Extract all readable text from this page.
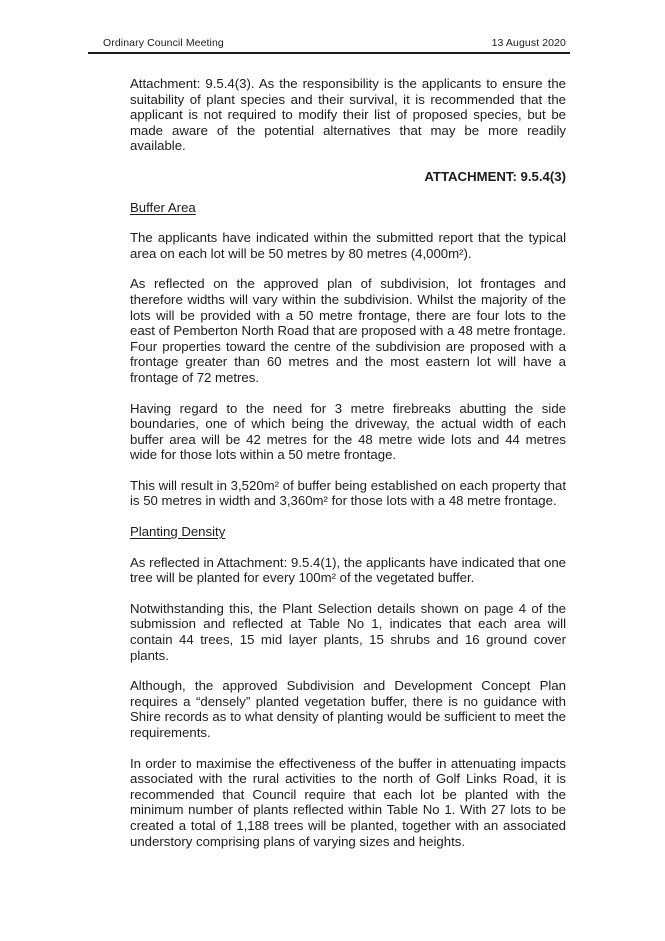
Ordinary Council Meeting	13 August 2020

Attachment: 9.5.4(3). As the responsibility is the applicants to ensure the suitability of plant species and their survival, it is recommended that the applicant is not required to modify their list of proposed species, but be made aware of the potential alternatives that may be more readily available.

ATTACHMENT: 9.5.4(3)

Buffer Area

The applicants have indicated within the submitted report that the typical area on each lot will be 50 metres by 80 metres (4,000m²).

As reflected on the approved plan of subdivision, lot frontages and therefore widths will vary within the subdivision. Whilst the majority of the lots will be provided with a 50 metre frontage, there are four lots to the east of Pemberton North Road that are proposed with a 48 metre frontage. Four properties toward the centre of the subdivision are proposed with a frontage greater than 60 metres and the most eastern lot will have a frontage of 72 metres.

Having regard to the need for 3 metre firebreaks abutting the side boundaries, one of which being the driveway, the actual width of each buffer area will be 42 metres for the 48 metre wide lots and 44 metres wide for those lots within a 50 metre frontage.

This will result in 3,520m² of buffer being established on each property that is 50 metres in width and 3,360m² for those lots with a 48 metre frontage.

Planting Density

As reflected in Attachment: 9.5.4(1), the applicants have indicated that one tree will be planted for every 100m² of the vegetated buffer.

Notwithstanding this, the Plant Selection details shown on page 4 of the submission and reflected at Table No 1, indicates that each area will contain 44 trees, 15 mid layer plants, 15 shrubs and 16 ground cover plants.

Although, the approved Subdivision and Development Concept Plan requires a “densely” planted vegetation buffer, there is no guidance with Shire records as to what density of planting would be sufficient to meet the requirements.

In order to maximise the effectiveness of the buffer in attenuating impacts associated with the rural activities to the north of Golf Links Road, it is recommended that Council require that each lot be planted with the minimum number of plants reflected within Table No 1. With 27 lots to be created a total of 1,188 trees will be planted, together with an associated understory comprising plans of varying sizes and heights.
